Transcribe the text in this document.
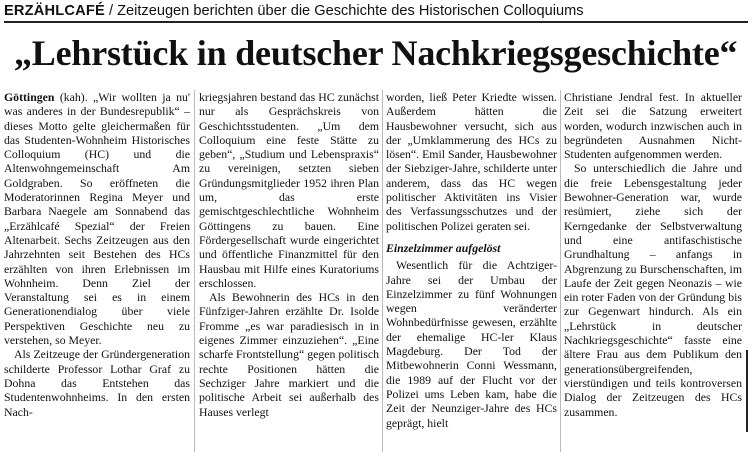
ERZÄHLCAFÉ / Zeitzeugen berichten über die Geschichte des Historischen Colloquiums
„Lehrstück in deutscher Nachkriegsgeschichte“

Göttingen (kah). „Wir wollten ja nu' was anderes in der Bundesrepublik“ – dieses Motto gelte gleichermaßen für das Studenten-Wohnheim Historisches Colloquium (HC) und die Altenwohngemeinschaft Am Goldgraben. So eröffneten die Moderatorinnen Regina Meyer und Barbara Naegele am Sonnabend das „Erzählcafé Spezial“ der Freien Altenarbeit. Sechs Zeitzeugen aus den Jahrzehnten seit Bestehen des HCs erzählten von ihren Erlebnissen im Wohnheim. Denn Ziel der Veranstaltung sei es in einem Generationendialog über viele Perspektiven Geschichte neu zu verstehen, so Meyer.

Als Zeitzeuge der Gründergeneration schilderte Professor Lothar Graf zu Dohna das Entstehen das Studentenwohnheims. In den ersten Nach-

kriegsjahren bestand das HC zunächst nur als Gesprächskreis von Geschichtsstudenten. „Um dem Colloquium eine feste Stätte zu geben“, „Studium und Lebenspraxis“ zu vereinigen, setzten sieben Gründungsmitglieder 1952 ihren Plan um, das erste gemischtgeschlechtliche Wohnheim Göttingens zu bauen. Eine Fördergesellschaft wurde eingerichtet und öffentliche Finanzmittel für den Hausbau mit Hilfe eines Kuratoriums erschlossen.

Als Bewohnerin des HCs in den Fünfziger-Jahren erzählte Dr. Isolde Fromme „es war paradiesisch in in eigenes Zimmer einzuziehen“. „Eine scharfe Frontstellung“ gegen politisch rechte Positionen hätten die Sechziger Jahre markiert und die politische Arbeit sei außerhalb des Hauses verlegt

worden, ließ Peter Kriedte wissen. Außerdem hätten die Hausbewohner versucht, sich aus der „Umklammerung des HCs zu lösen“. Emil Sander, Hausbewohner der Siebziger-Jahre, schilderte unter anderem, dass das HC wegen politischer Aktivitäten ins Visier des Verfassungsschutzes und der politischen Polizei geraten sei.

Einzelzimmer aufgelöst

Wesentlich für die Achtziger-Jahre sei der Umbau der Einzelzimmer zu fünf Wohnungen wegen veränderter Wohnbedürfnisse gewesen, erzählte der ehemalige HC-ler Klaus Magdeburg. Der Tod der Mitbewohnerin Conni Wessmann, die 1989 auf der Flucht vor der Polizei ums Leben kam, habe die Zeit der Neunziger-Jahre des HCs geprägt, hielt

Christiane Jendral fest. In aktueller Zeit sei die Satzung erweitert worden, wodurch inzwischen auch in begründeten Ausnahmen Nicht-Studenten aufgenommen werden.

So unterschiedlich die Jahre und die freie Lebensgestaltung jeder Bewohner-Generation war, wurde resümiert, ziehe sich der Kerngedanke der Selbstverwaltung und eine antifaschistische Grundhaltung – anfangs in Abgrenzung zu Burschenschaften, im Laufe der Zeit gegen Neonazis – wie ein roter Faden von der Gründung bis zur Gegenwart hindurch. Als ein „Lehrstück in deutscher Nachkriegsgeschichte“ fasste eine ältere Frau aus dem Publikum den generationsübergreifenden, vierstündigen und teils kontroversen Dialog der Zeitzeugen des HCs zusammen.
